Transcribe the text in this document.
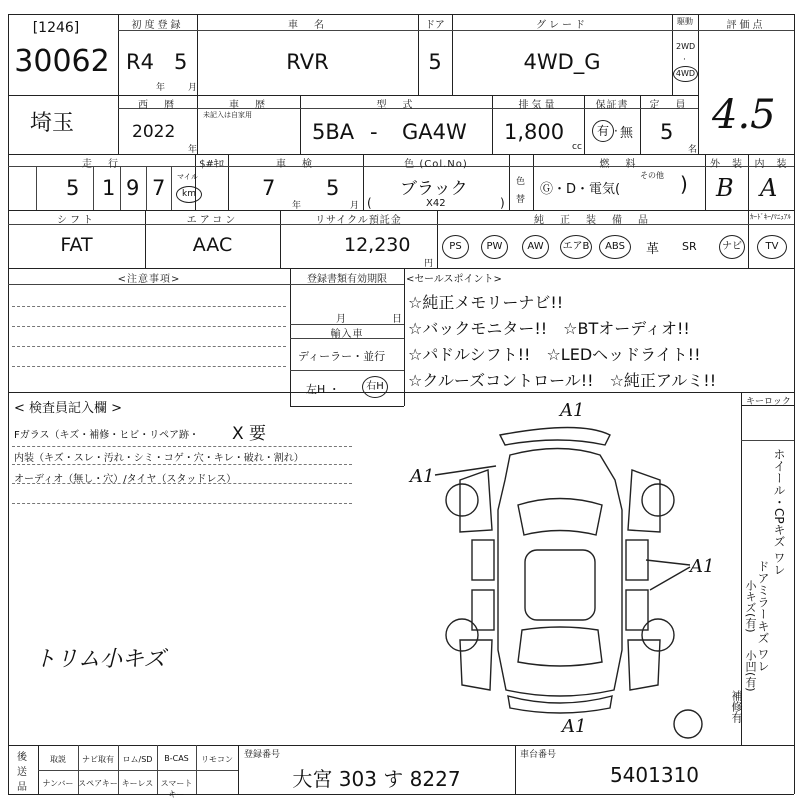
[1246]
30062
初度登録
R4 5
年	月
車　名
RVR
ドア
5
グレード
4WD_G
駆動
2WD
·
4WD
評価点
4.5
埼玉
西　暦
2022
年
車　歴
未記入は自家用
型　式
5BA - GA4W
排気量
1,800
cc
保証書
有 · 無
定　員
5
名
走　行	$#ｷﾛ
5 1 9 7 マイル
km
車　検
7 5
年	月
色 (Col.No)
ブラック
(	X42	)
色
替
燃　料
Ⓖ・D・電気(
その他 )
外　装
B
内　装
A
シフト
FAT
エアコン
AAC
リサイクル預託金
12,230
円
純　正　装　備　品	ｶｰﾄﾞｷｰ/ﾏﾆｭｱﾙ
PS	PW	AW	エアB	ABS	革 SR	ナビ	TV
<注意事項>	登録書類有効期限
月	日
輸入車
ディーラー・並行
左H ・	右H
<セールスポイント>
☆純正メモリーナビ!!
☆バックモニター!!　☆BTオーディオ!!
☆パドルシフト!!　☆LEDヘッドライト!!
☆クルーズコントロール!!　☆純正アルミ!!
< 検査員記入欄 >
Fガラス（キズ・補修・ヒビ・リペア跡・ X 要
内装（キズ・スレ・汚れ・シミ・コゲ・穴・キレ・破れ・割れ）
オーディオ（無し・穴）/タイヤ（スタッドレス）
トリム小キズ
キーロック
ホイール・CPキズ ワレ
ドアミラーキズ ワレ
小キズ(有)
小凹(有)
補修有
A1
A1
A1
A1
後
送
品
取説	ナビ取有	ロム/SD	B-CAS	リモコン
ナンバー スペアキー キーレス スマートキー
登録番号
大宮 303 す 8227
車台番号
5401310
